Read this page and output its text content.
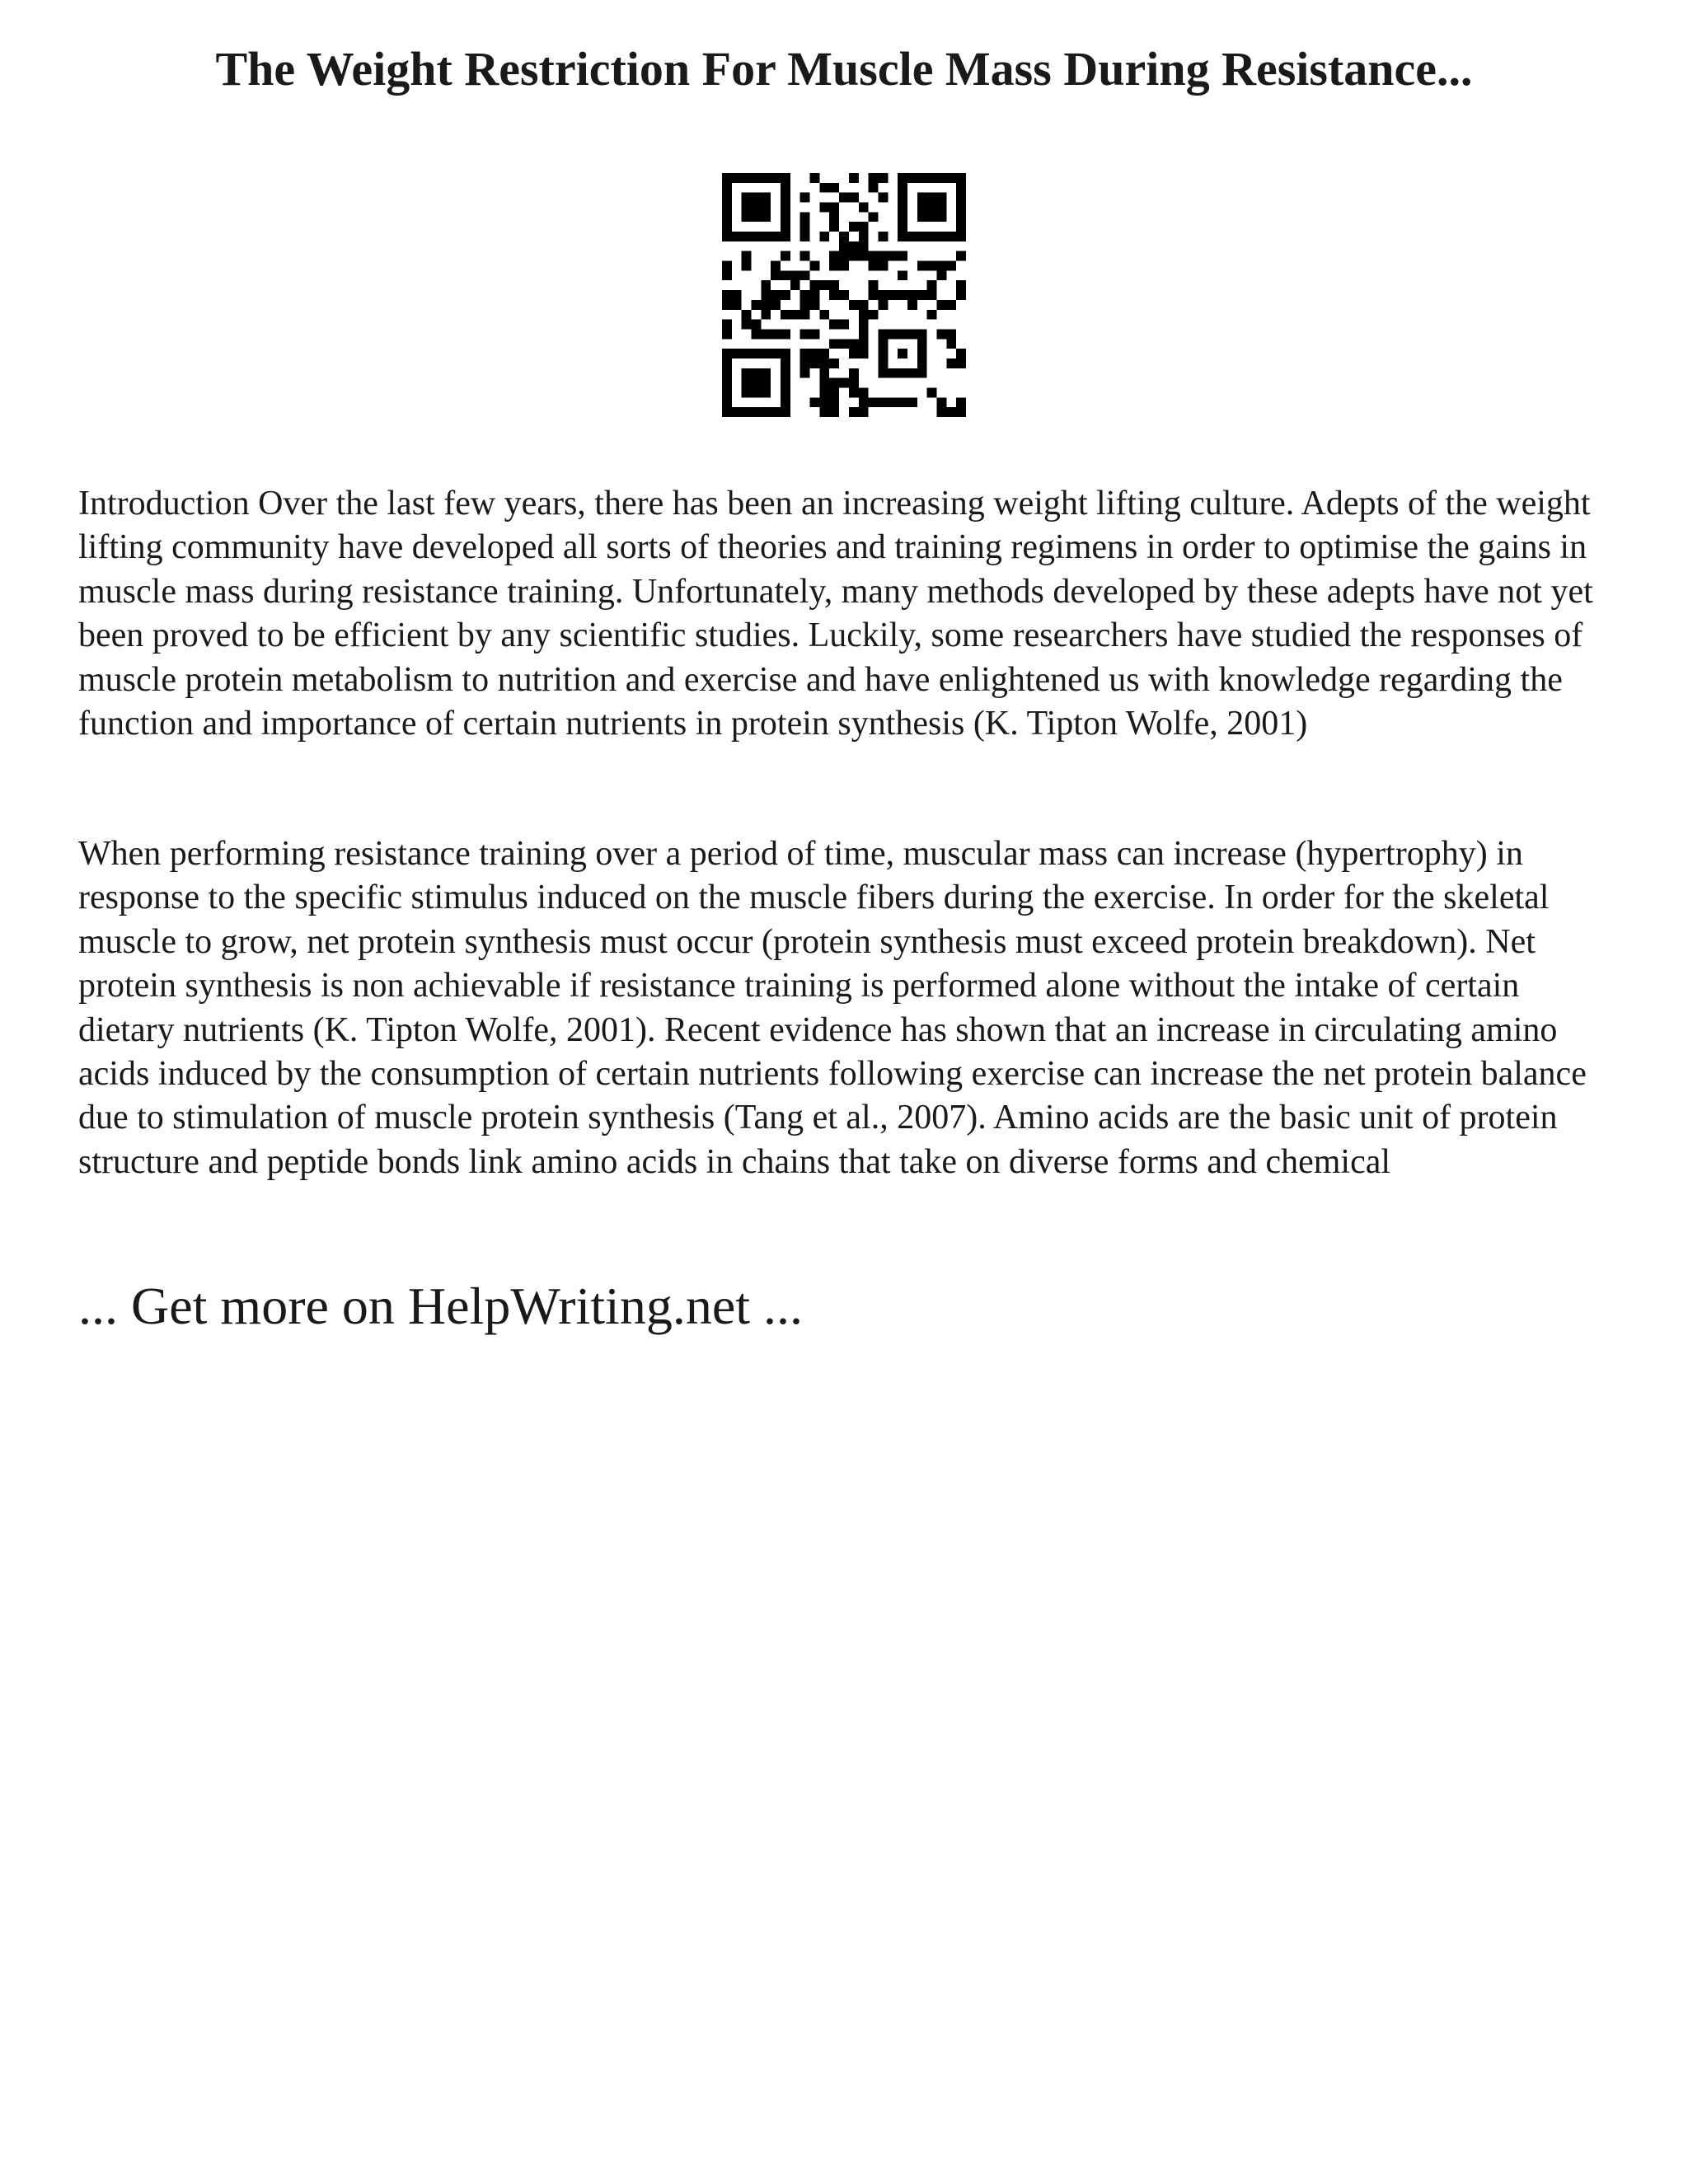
The Weight Restriction For Muscle Mass During Resistance...

Introduction Over the last few years, there has been an increasing weight lifting culture. Adepts of the weight lifting community have developed all sorts of theories and training regimens in order to optimise the gains in muscle mass during resistance training. Unfortunately, many methods developed by these adepts have not yet been proved to be efficient by any scientific studies. Luckily, some researchers have studied the responses of muscle protein metabolism to nutrition and exercise and have enlightened us with knowledge regarding the function and importance of certain nutrients in protein synthesis (K. Tipton Wolfe, 2001)

When performing resistance training over a period of time, muscular mass can increase (hypertrophy) in response to the specific stimulus induced on the muscle fibers during the exercise. In order for the skeletal muscle to grow, net protein synthesis must occur (protein synthesis must exceed protein breakdown). Net protein synthesis is non achievable if resistance training is performed alone without the intake of certain dietary nutrients (K. Tipton Wolfe, 2001). Recent evidence has shown that an increase in circulating amino acids induced by the consumption of certain nutrients following exercise can increase the net protein balance due to stimulation of muscle protein synthesis (Tang et al., 2007). Amino acids are the basic unit of protein structure and peptide bonds link amino acids in chains that take on diverse forms and chemical

... Get more on HelpWriting.net ...
